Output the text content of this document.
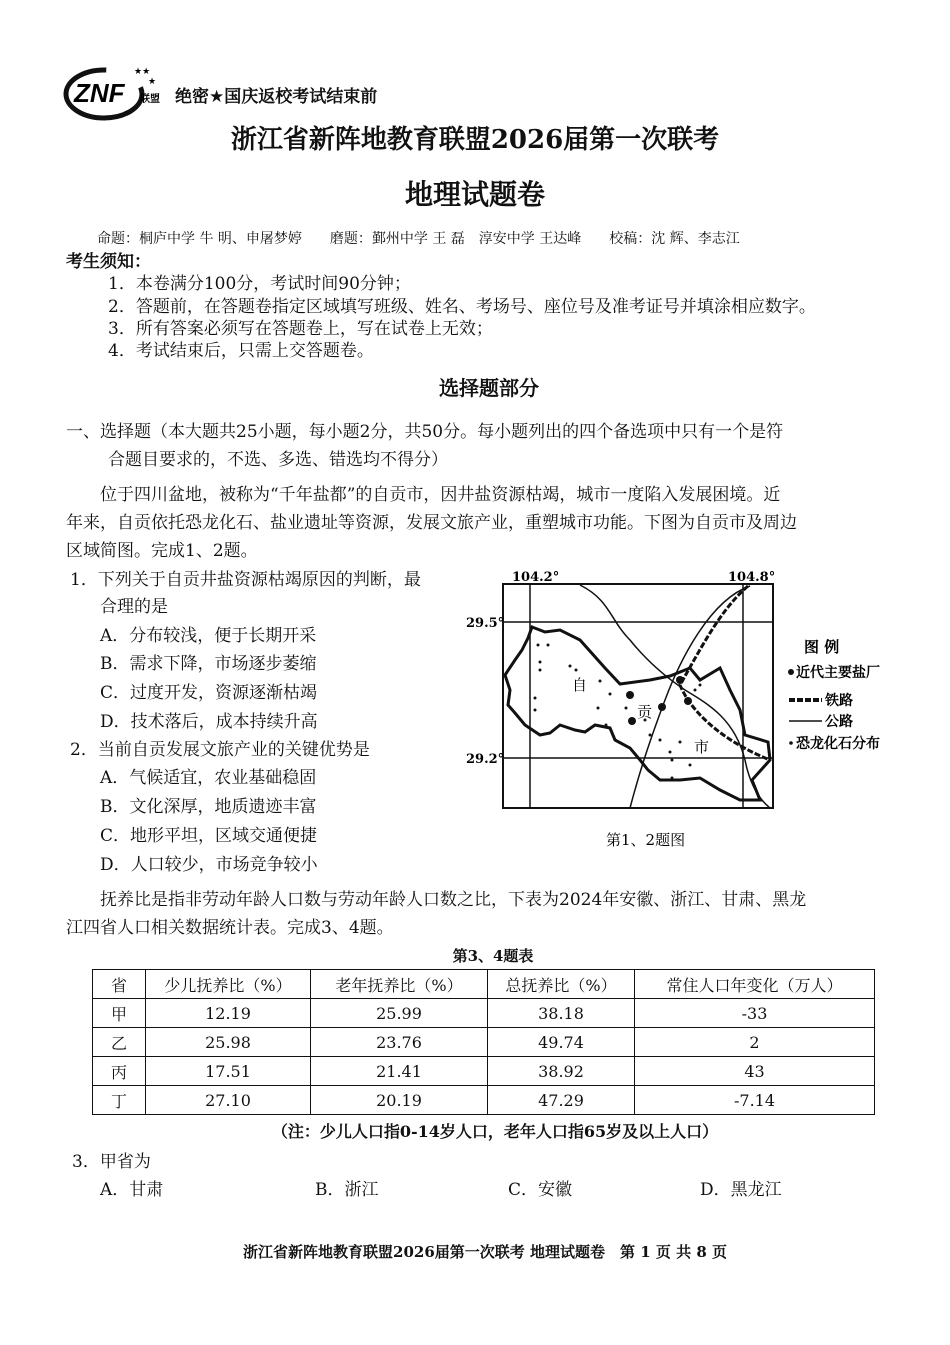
ZNF 联盟
★★
★
绝密★国庆返校考试结束前
浙江省新阵地教育联盟2026届第一次联考
地理试题卷
命题：桐庐中学 牛 明、申屠梦婷　　磨题：鄞州中学 王 磊　淳安中学 王达峰　　校稿：沈 辉、李志江
考生须知：
1．本卷满分100分，考试时间90分钟；
2．答题前，在答题卷指定区域填写班级、姓名、考场号、座位号及准考证号并填涂相应数字。
3．所有答案必须写在答题卷上，写在试卷上无效；
4．考试结束后，只需上交答题卷。
选择题部分
一、选择题（本大题共25小题，每小题2分，共50分。每小题列出的四个备选项中只有一个是符
合题目要求的，不选、多选、错选均不得分）
位于四川盆地，被称为“千年盐都”的自贡市，因井盐资源枯竭，城市一度陷入发展困境。近
年来，自贡依托恐龙化石、盐业遗址等资源，发展文旅产业，重塑城市功能。下图为自贡市及周边
区域简图。完成1、2题。
1．下列关于自贡井盐资源枯竭原因的判断，最
合理的是
A．分布较浅，便于长期开采
B．需求下降，市场逐步萎缩
C．过度开发，资源逐渐枯竭
D．技术落后，成本持续升高
2．当前自贡发展文旅产业的关键优势是
A．气候适宜，农业基础稳固
B．文化深厚，地质遗迹丰富
C．地形平坦，区域交通便捷
D．人口较少，市场竞争较小
自
贡
市
104.2°	104.8°
29.5°
29.2°
图 例
近代主要盐厂
铁路
公路
恐龙化石分布
第1、2题图
抚养比是指非劳动年龄人口数与劳动年龄人口数之比，下表为2024年安徽、浙江、甘肃、黑龙
江四省人口相关数据统计表。完成3、4题。
第3、4题表
省	少儿抚养比（%）	老年抚养比（%）	总抚养比（%）	常住人口年变化（万人）
甲	12.19	25.99	38.18	-33
乙	25.98	23.76	49.74	2
丙	17.51	21.41	38.92	43
丁	27.10	20.19	47.29	-7.14
（注：少儿人口指0-14岁人口，老年人口指65岁及以上人口）
3．甲省为
A．甘肃	B．浙江	C．安徽	D．黑龙江
浙江省新阵地教育联盟2026届第一次联考 地理试题卷　第 1 页 共 8 页
